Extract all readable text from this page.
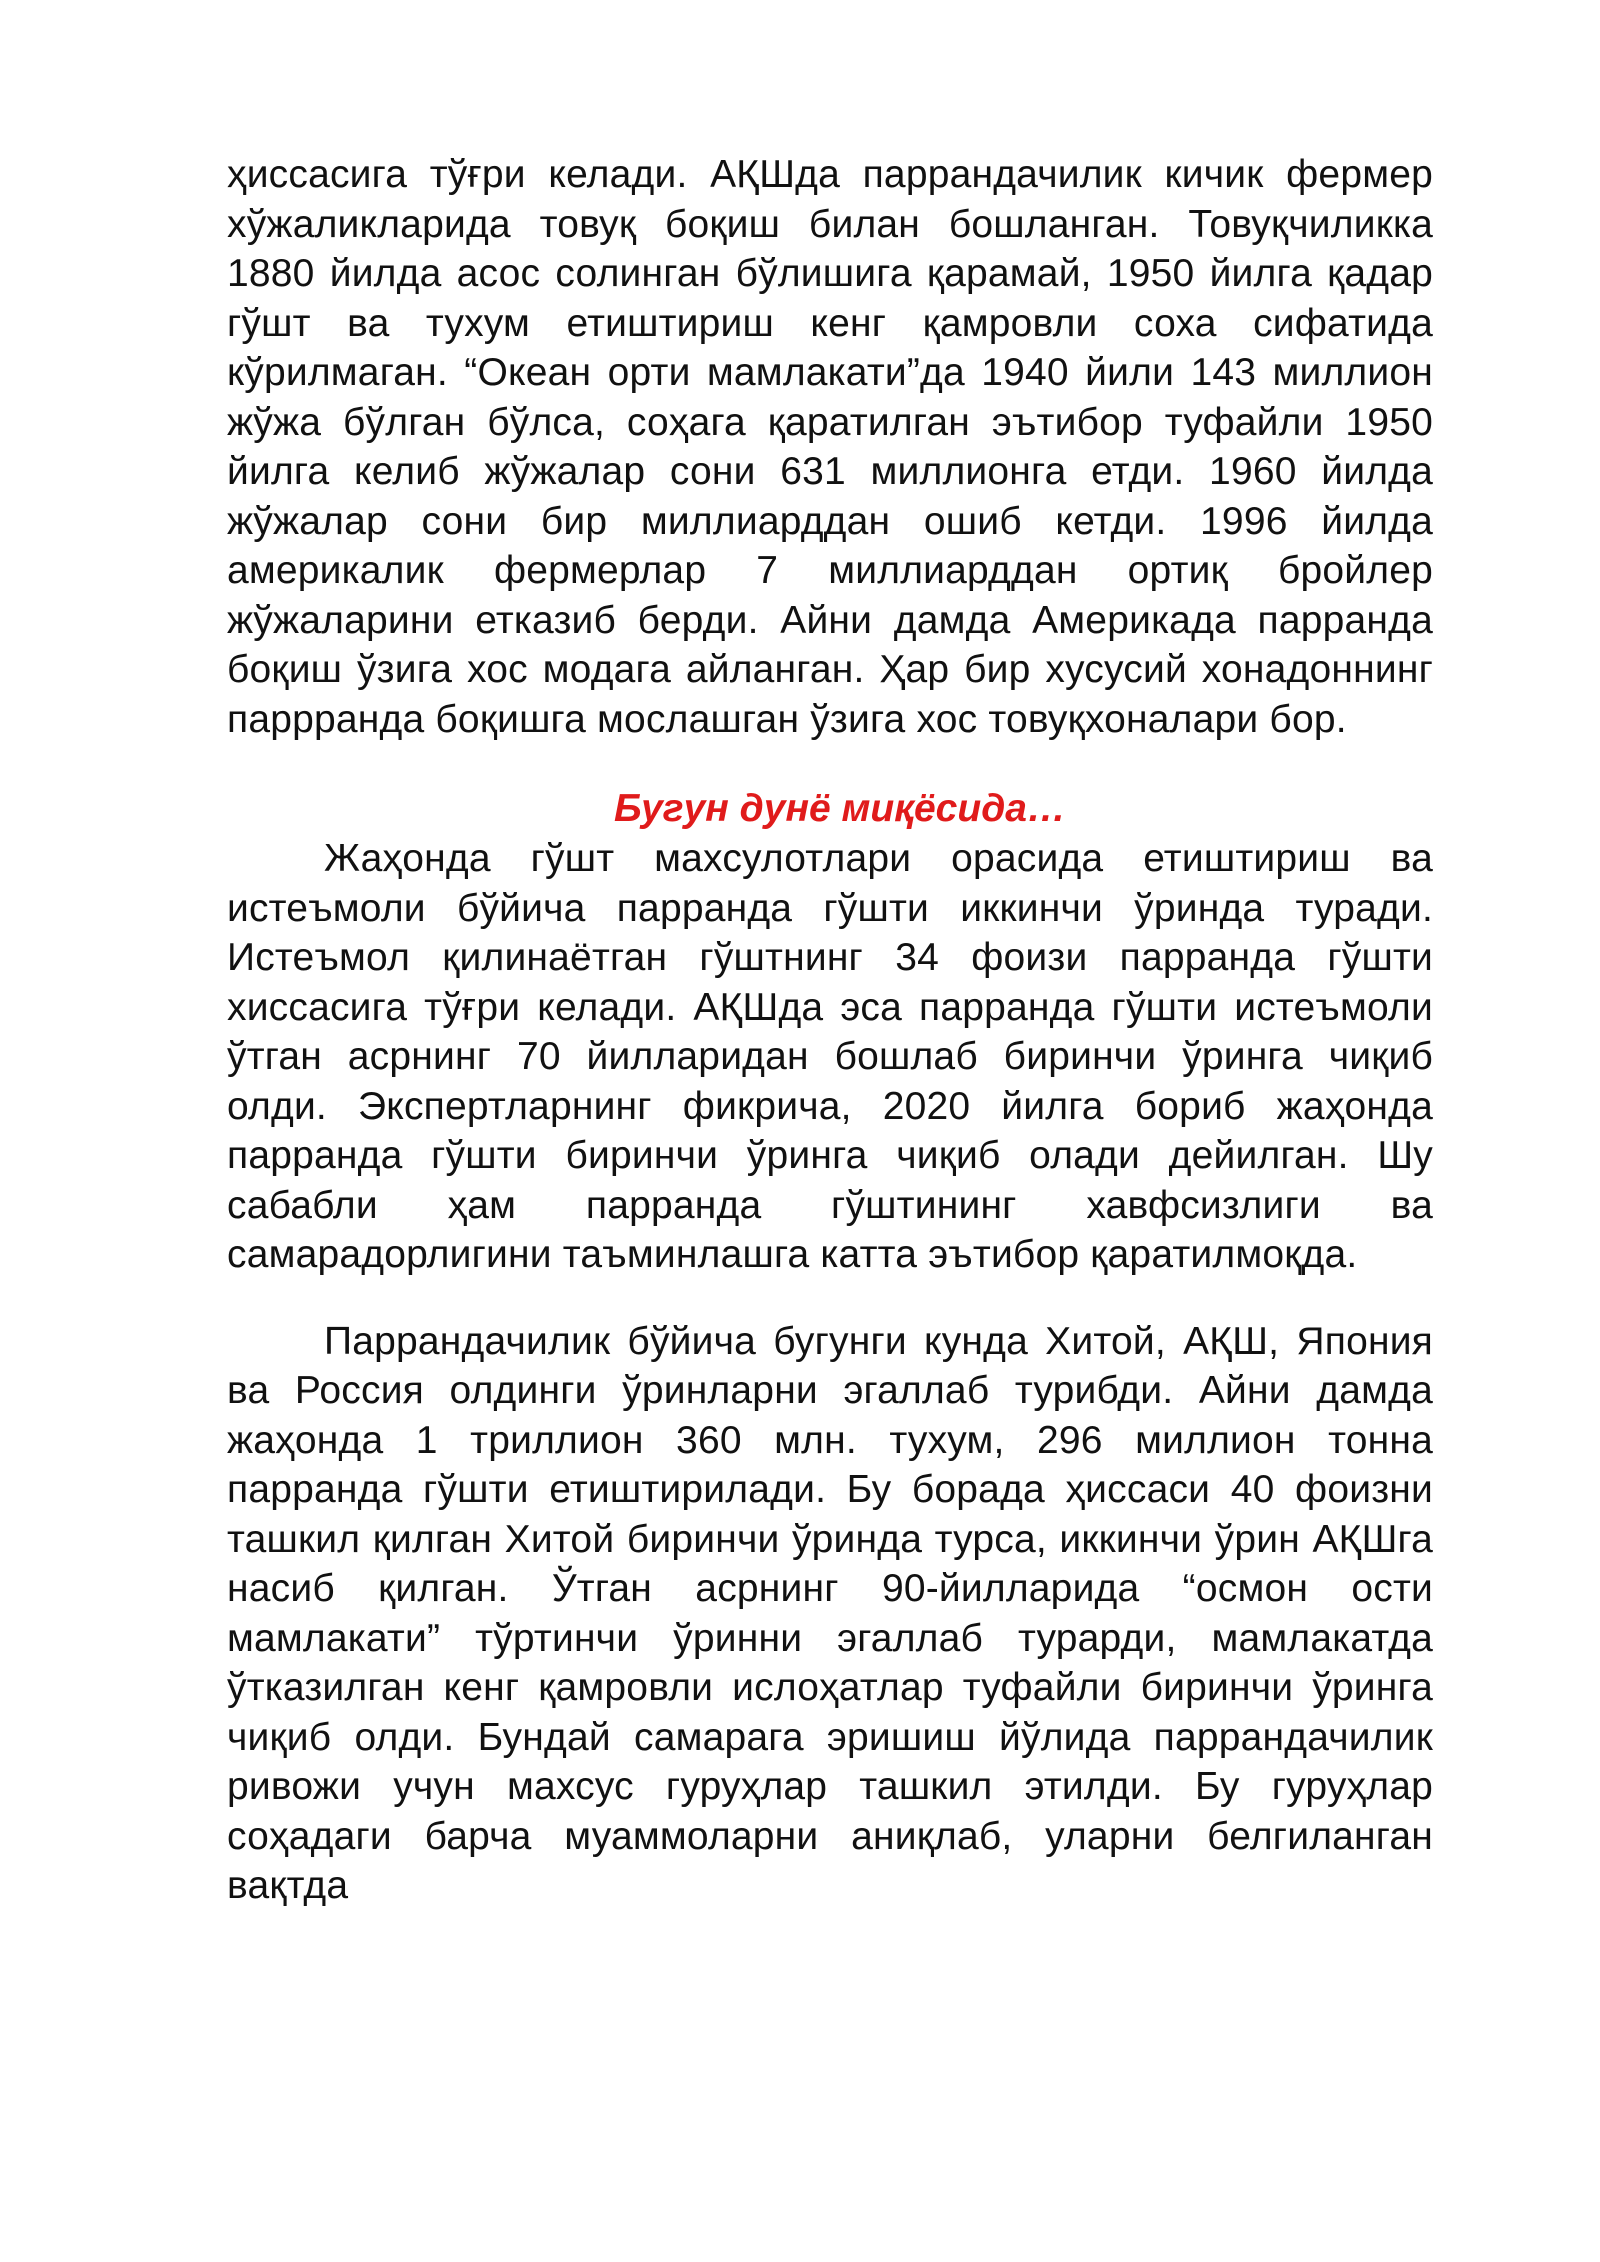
ҳиссасига тўғри келади. АҚШда паррандачилик кичик фермер хўжаликларида товуқ боқиш билан бошланган. Товуқчиликка 1880 йилда асос солинган бўлишига қарамай, 1950 йилга қадар гўшт ва тухум етиштириш кенг қамровли соха сифатида кўрилмаган. “Океан орти мамлакати”да 1940 йили 143 миллион жўжа бўлган бўлса, соҳага қаратилган эътибор туфайли 1950 йилга келиб жўжалар сони 631 миллионга етди. 1960 йилда жўжалар сони бир миллиарддан ошиб кетди. 1996 йилда америкалик фермерлар 7 миллиарддан ортиқ бройлер жўжаларини етказиб берди. Айни дамда Америкада парранда боқиш ўзига хос модага айланган. Ҳар бир хусусий хонадоннинг паррранда боқишга мослашган ўзига хос товуқхоналари бор.

Бугун дунё миқёсида…

Жаҳонда гўшт махсулотлари орасида етиштириш ва истеъмоли бўйича парранда гўшти иккинчи ўринда туради. Истеъмол қилинаётган гўштнинг 34 фоизи парранда гўшти хиссасига тўғри келади. АҚШда эса парранда гўшти истеъмоли ўтган асрнинг 70 йилларидан бошлаб биринчи ўринга чиқиб олди. Экспертларнинг фикрича, 2020 йилга бориб жаҳонда парранда гўшти биринчи ўринга чиқиб олади дейилган. Шу сабабли ҳам парранда гўштининг хавфсизлиги ва самарадорлигини таъминлашга катта эътибор қаратилмоқда.

Паррандачилик бўйича бугунги кунда Хитой, АҚШ, Япония ва Россия олдинги ўринларни эгаллаб турибди. Айни дамда жаҳонда 1 триллион 360 млн. тухум, 296 миллион тонна парранда гўшти етиштирилади. Бу борада ҳиссаси 40 фоизни ташкил қилган Хитой биринчи ўринда турса, иккинчи ўрин АҚШга насиб қилган. Ўтган асрнинг 90-йилларида “осмон ости мамлакати” тўртинчи ўринни эгаллаб турарди, мамлакатда ўтказилган кенг қамровли ислоҳатлар туфайли биринчи ўринга чиқиб олди. Бундай самарага эришиш йўлида паррандачилик ривожи учун махсус гуруҳлар ташкил этилди. Бу гуруҳлар соҳадаги барча муаммоларни аниқлаб, уларни белгиланган вақтда
